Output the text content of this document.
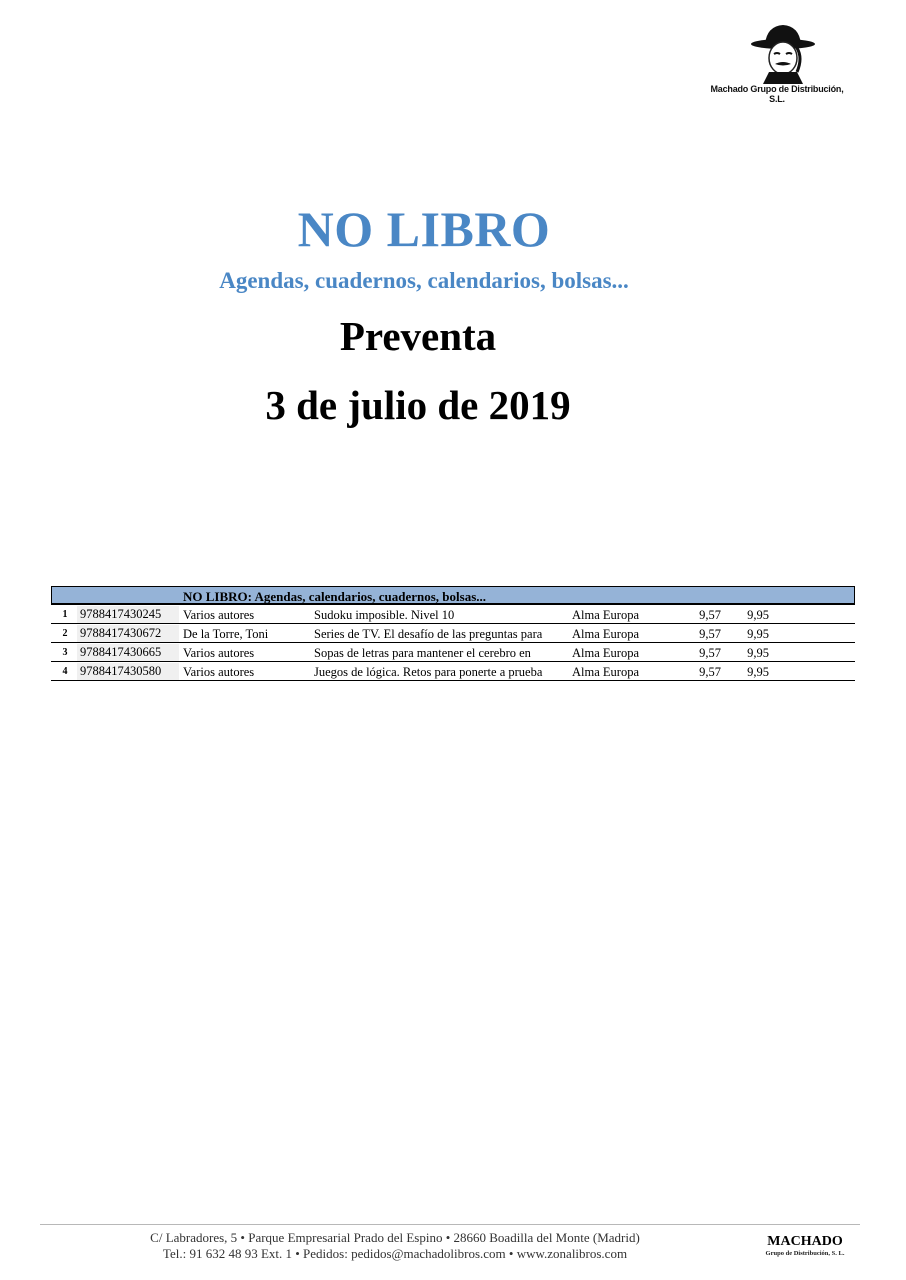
Machado Grupo de Distribución, S.L.
NO LIBRO
Agendas, cuadernos, calendarios, bolsas...
Preventa
3 de julio de 2019
NO LIBRO: Agendas, calendarios, cuadernos, bolsas...
1	9788417430245	Varios autores	Sudoku imposible. Nivel 10	Alma Europa	9,57	9,95
2	9788417430672	De la Torre, Toni	Series de TV. El desafío de las preguntas para	Alma Europa	9,57	9,95
3	9788417430665	Varios autores	Sopas de letras para mantener el cerebro en	Alma Europa	9,57	9,95
4	9788417430580	Varios autores	Juegos de lógica. Retos para ponerte a prueba	Alma Europa	9,57	9,95
C/ Labradores, 5 • Parque Empresarial Prado del Espino • 28660 Boadilla del Monte (Madrid)
Tel.: 91 632 48 93 Ext. 1 • Pedidos: pedidos@machadolibros.com • www.zonalibros.com
MACHADO
Grupo de Distribución, S. L.
